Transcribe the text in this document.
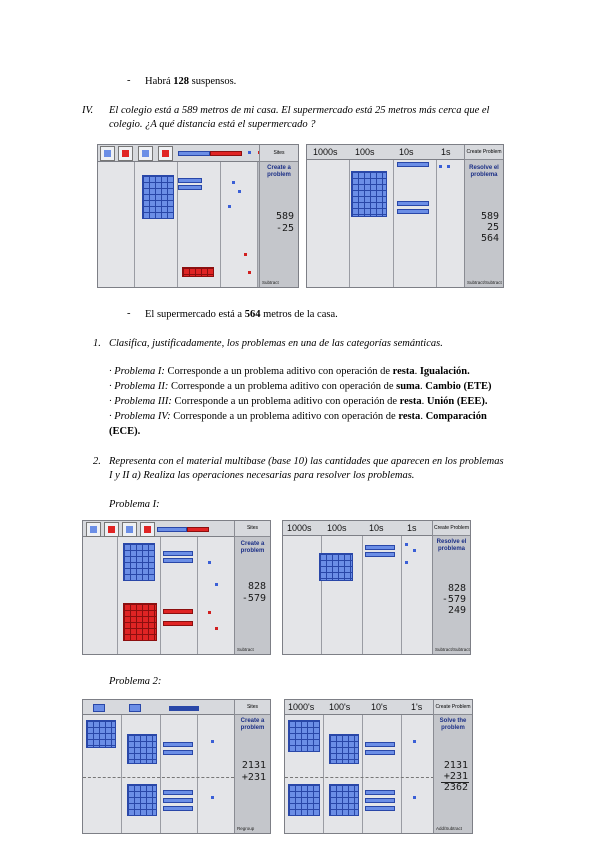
- Habrá 128 suspensos.
IV. El colegio está a 589 metros de mi casa. El supermercado está 25 metros más cerca que el
colegio. ¿A qué distancia está el supermercado ?
Sites
Create a problem
589
-25
Subtract
1000s 100s	10s	1s	Create Problem
Resolve el problema
589
25
564
Subtract/Subtract
- El supermercado está a 564 metros de la casa.
1. Clasifica, justificadamente, los problemas en una de las categorías semánticas.
· Problema I: Corresponde a un problema aditivo con operación de resta. Igualación.
· Problema II: Corresponde a un problema aditivo con operación de suma. Cambio (ETE)
· Problema III: Corresponde a un problema aditivo con operación de resta. Unión (EEE).
· Problema IV: Corresponde a un problema aditivo con operación de resta. Comparación
(ECE).
2. Representa con el material multibase (base 10) las cantidades que aparecen en los problemas
I y II a) Realiza las operaciones necesarias para resolver los problemas.
Problema I:
Sites
Create a problem
828
-579
Subtract
1000s 100s 10s	1s	Create Problem
Resolve el problema
828
-579
249
Subtract/Subtract
Problema 2:
Sites
Create a problem
2131
+231
Regroup
1000's 100's 10's	1's	Create Problem
Solve the problem
2131
+231
2362
Add/Subtract
